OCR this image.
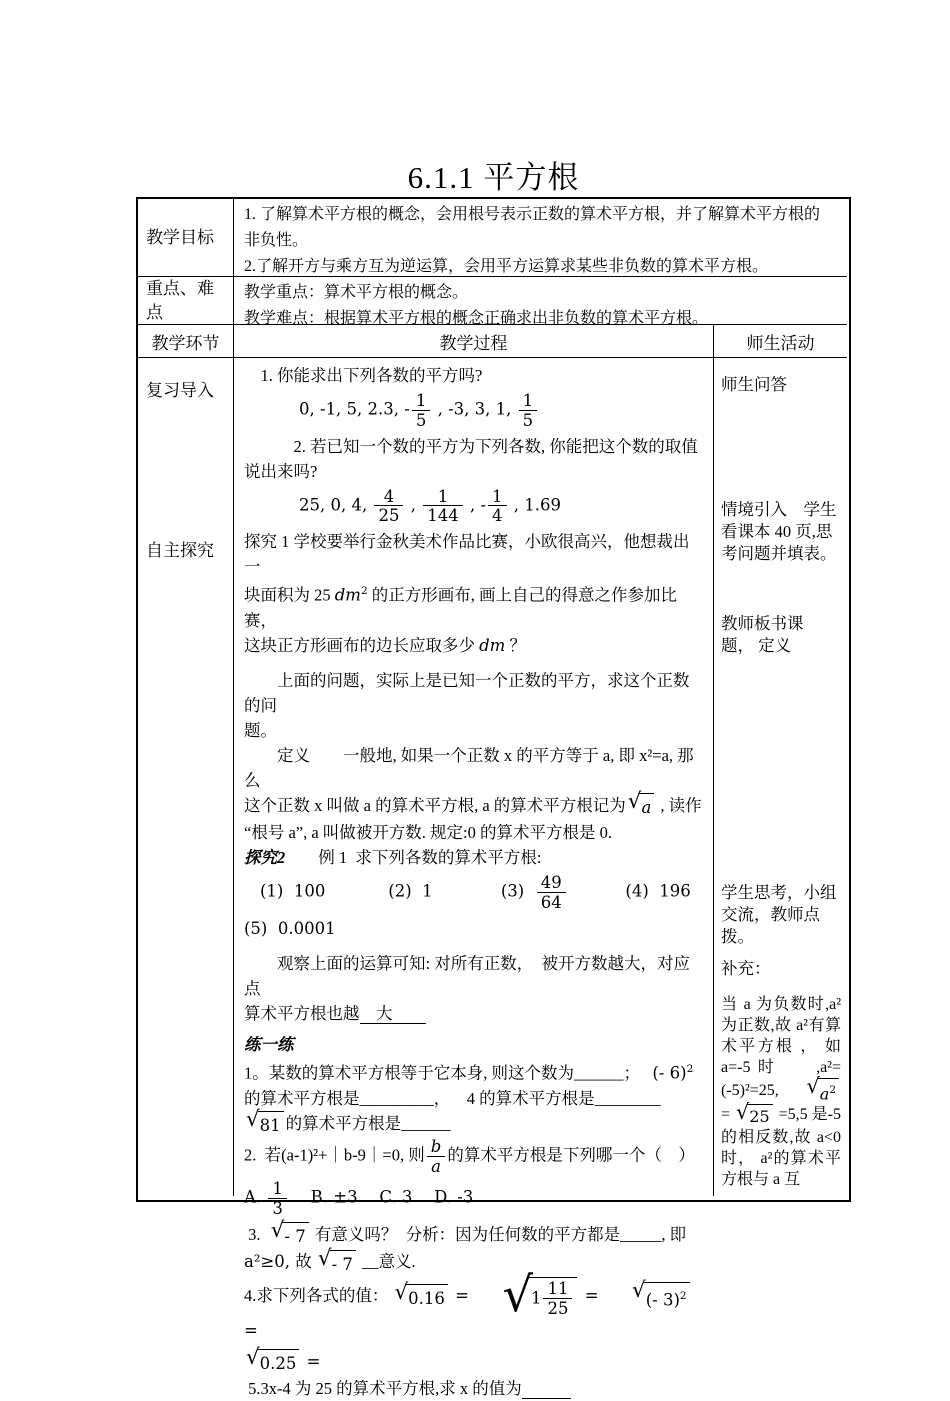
6.1.1 平方根
教学目标
1. 了解算术平方根的概念，会用根号表示正数的算术平方根，并了解算术平方根的
非负性。
2.了解开方与乘方互为逆运算，会用平方运算求某些非负数的算术平方根。
重点、难点
教学重点：算术平方根的概念。
教学难点：根据算术平方根的概念正确求出非负数的算术平方根。
教学环节	教学过程	师生活动
复习导入
自主探究
　1. 你能求出下列各数的平方吗?
0, -1, 5, 2.3, - $\frac{1}{5}$ , -3, 3, 1, $\frac{1}{5}$
　　　2. 若已知一个数的平方为下列各数, 你能把这个数的取值
说出来吗?
25, 0, 4, $\frac{4}{25}$ , $\frac{1}{144}$ , - $\frac{1}{4}$ , 1.69
探究 1 学校要举行金秋美术作品比赛，小欧很高兴，他想裁出一
块面积为 25 $dm^2$ 的正方形画布, 画上自己的得意之作参加比赛，
这块正方形画布的边长应取多少 dm ？
　　上面的问题，实际上是已知一个正数的平方，求这个正数的问
题。
　　定义　　一般地, 如果一个正数 x 的平方等于 a, 即 x²=a, 那么
这个正数 x 叫做 a 的算术平方根, a 的算术平方根记为 √ a , 读作
“根号 a”, a 叫做被开方数. 规定:0 的算术平方根是 0.
探究2　　例 1  求下列各数的算术平方根:
(1)  100            (2)  1             $(3) \frac{49}{64} (4)$  196
(5)  0.0001
　　观察上面的运算可知: 对所有正数，  被开方数越大，对应点
算术平方根也越　大　　
练一练
1。某数的算术平方根等于它本身, 则这个数为______；   (- 6)$^2$
的算术平方根是_________，　  4 的算术平方根是________
√ 81 的算术平方根是______
2.  若(a-1)²+｜b-9｜=0, 则 $\frac{b}{a}$ 的算术平方根是下列哪一个（　）
A. $\frac{1}{3}$ 　 B. ±3　 C. 3　 D. -3
3. √ - 7 有意义吗？  分析：因为任何数的平方都是_____, 即
a²≥0, 故 √ - 7 __意义.
4.求下列各式的值： √ 0.16 = √
$1 \frac{11}{25}$ = √ (- 3)$^2$ =
√ 0.25 =
5.3x-4 为 25 的算术平方根,求 x 的值为　　　
师生问答
情境引入　学生看课本 40 页,思考问题并填表。
教师板书课题， 定义
学生思考，小组交流，教师点拨。
补充：
当 a 为负数时,a²为正数,故 a²有算术平方根 ， 如 a=-5 时　　,a²=(-5)²=25,　 √ $a^2$
= √ 25 =5,5 是-5 的相反数,故 a<0 时， a²的算术平方根与 a 互
